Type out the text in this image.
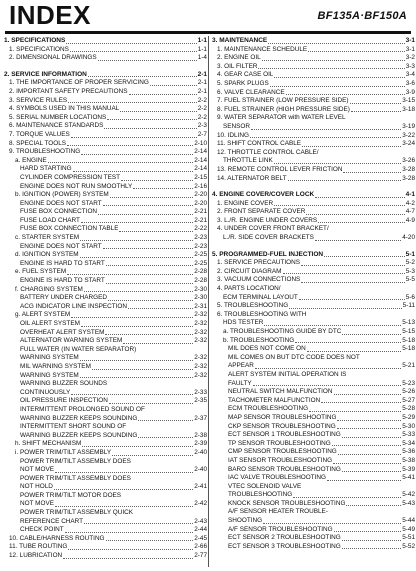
INDEX	BF135A·BF150A
1. SPECIFICATIONS	1-1
1. SPECIFICATIONS	1-1
2. DIMENSIONAL DRAWINGS	1-4
2. SERVICE INFORMATION	2-1
1. THE IMPORTANCE OF PROPER SERVICING	2-1
2. IMPORTANT SAFETY PRECAUTIONS	2-1
3. SERVICE RULES	2-2
4. SYMBOLS USED IN THIS MANUAL	2-2
5. SERIAL NUMBER LOCATIONS	2-2
6. MAINTENANCE STANDARDS	2-3
7. TORQUE VALUES	2-7
8. SPECIAL TOOLS	2-10
9. TROUBLESHOOTING	2-14
a. ENGINE	2-14
HARD STARTING	2-14
CYLINDER COMPRESSION TEST	2-15
ENGINE DOES NOT RUN SMOOTHLY	2-16
b. IGNITION (POWER) SYSTEM	2-20
ENGINE DOES NOT START	2-20
FUSE BOX CONNECTION	2-21
FUSE LOAD CHART	2-21
FUSE BOX CONNECTION TABLE	2-22
c. STARTER SYSTEM	2-23
ENGINE DOES NOT START	2-23
d. IGNITION SYSTEM	2-25
ENGINE IS HARD TO START	2-25
e. FUEL SYSTEM	2-28
ENGINE IS HARD TO START	2-28
f. CHARGING SYSTEM	2-30
BATTERY UNDER CHARGED	2-30
ACG INDICATOR LINE INSPECTION	2-31
g. ALERT SYSTEM	2-32
OIL ALERT SYSTEM	2-32
OVERHEAT ALERT SYSTEM	2-32
ALTERNATOR WARNING SYSTEM	2-32
FULL WATER (IN WATER SEPARATOR)
WARNING SYSTEM	2-32
MIL WARNING SYSTEM	2-32
WARNING SYSTEM	2-32
WARNING BUZZER SOUNDS
CONTINUOUSLY	2-33
OIL PRESSURE INSPECTION	2-35
INTERMITTENT PROLONGED SOUND OF
WARNING BUZZER KEEPS SOUNDING	2-37
INTERMITTENT SHORT SOUND OF
WARNING BUZZER KEEPS SOUNDING	2-38
h. SHIFT MECHANISM	2-39
i. POWER TRIM/TILT ASSEMBLY	2-40
POWER TRIM/TILT ASSEMBLY DOES
NOT MOVE	2-40
POWER TRIM/TILT ASSEMBLY DOES
NOT HOLD	2-41
POWER TRIM/TILT MOTOR DOES
NOT MOVE	2-42
POWER TRIM/TILT ASSEMBLY QUICK
REFERENCE CHART	2-43
CHECK POINT	2-44
10. CABLE/HARNESS ROUTING	2-45
11. TUBE ROUTING	2-66
12. LUBRICATION	2-77
3. MAINTENANCE	3-1
1. MAINTENANCE SCHEDULE	3-1
2. ENGINE OIL	3-2
3. OIL FILTER	3-3
4. GEAR CASE OIL	3-4
5. SPARK PLUGS	3-6
6. VALVE CLEARANCE	3-9
7. FUEL STRAINER (LOW PRESSURE SIDE)	3-15
8. FUEL STRAINER (HIGH PRESSURE SIDE)	3-18
9. WATER SEPARATOR with WATER LEVEL
SENSOR	3-19
10. IDLING	3-22
11. SHIFT CONTROL CABLE	3-24
12. THROTTLE CONTROL CABLE/
THROTTLE LINK	3-26
13. REMOTE CONTROL LEVER FRICTION	3-28
14. ALTERNATOR BELT	3-28
4. ENGINE COVER/COVER LOCK	4-1
1. ENGINE COVER	4-2
2. FRONT SEPARATE COVER	4-7
3. L./R. ENGINE UNDER COVERS	4-9
4. UNDER COVER FRONT BRACKET/
L./R. SIDE COVER BRACKETS	4-20
5. PROGRAMMED-FUEL INJECTION	5-1
1. SERVICE PRECAUTIONS	5-2
2. CIRCUIT DIAGRAM	5-3
3. VACUUM CONNECTIONS	5-5
4. PARTS LOCATION/
ECM TERMINAL LAYOUT	5-6
5. TROUBLESHOOTING	5-11
6. TROUBLESHOOTING WITH
HDS TESTER	5-13
a. TROUBLESHOOTING GUIDE BY DTC	5-15
b. TROUBLESHOOTING	5-18
MIL DOES NOT COME ON	5-18
MIL COMES ON BUT DTC CODE DOES NOT
APPEAR	5-21
ALERT SYSTEM INITIAL OPERATION IS
FAULTY	5-23
NEUTRAL SWITCH MALFUNCTION	5-26
TACHOMETER MALFUNCTION	5-27
ECM TROUBLESHOOTING	5-28
MAP SENSOR TROUBLESHOOTING	5-29
CKP SENSOR TROUBLESHOOTING	5-30
ECT SENSOR 1 TROUBLESHOOTING	5-33
TP SENSOR TROUBLESHOOTING	5-34
CMP SENSOR TROUBLESHOOTING	5-36
IAT SENSOR TROUBLESHOOTING	5-38
BARO SENSOR TROUBLESHOOTING	5-39
IAC VALVE TROUBLESHOOTING	5-41
VTEC SOLENOID VALVE
TROUBLESHOOTING	5-42
KNOCK SENSOR TROUBLESHOOTING	5-43
A/F SENSOR HEATER TROUBLE-
SHOOTING	5-44
A/F SENSOR TROUBLESHOOTING	5-49
ECT SENSOR 2 TROUBLESHOOTING	5-51
ECT SENSOR 3 TROUBLESHOOTING	5-52
